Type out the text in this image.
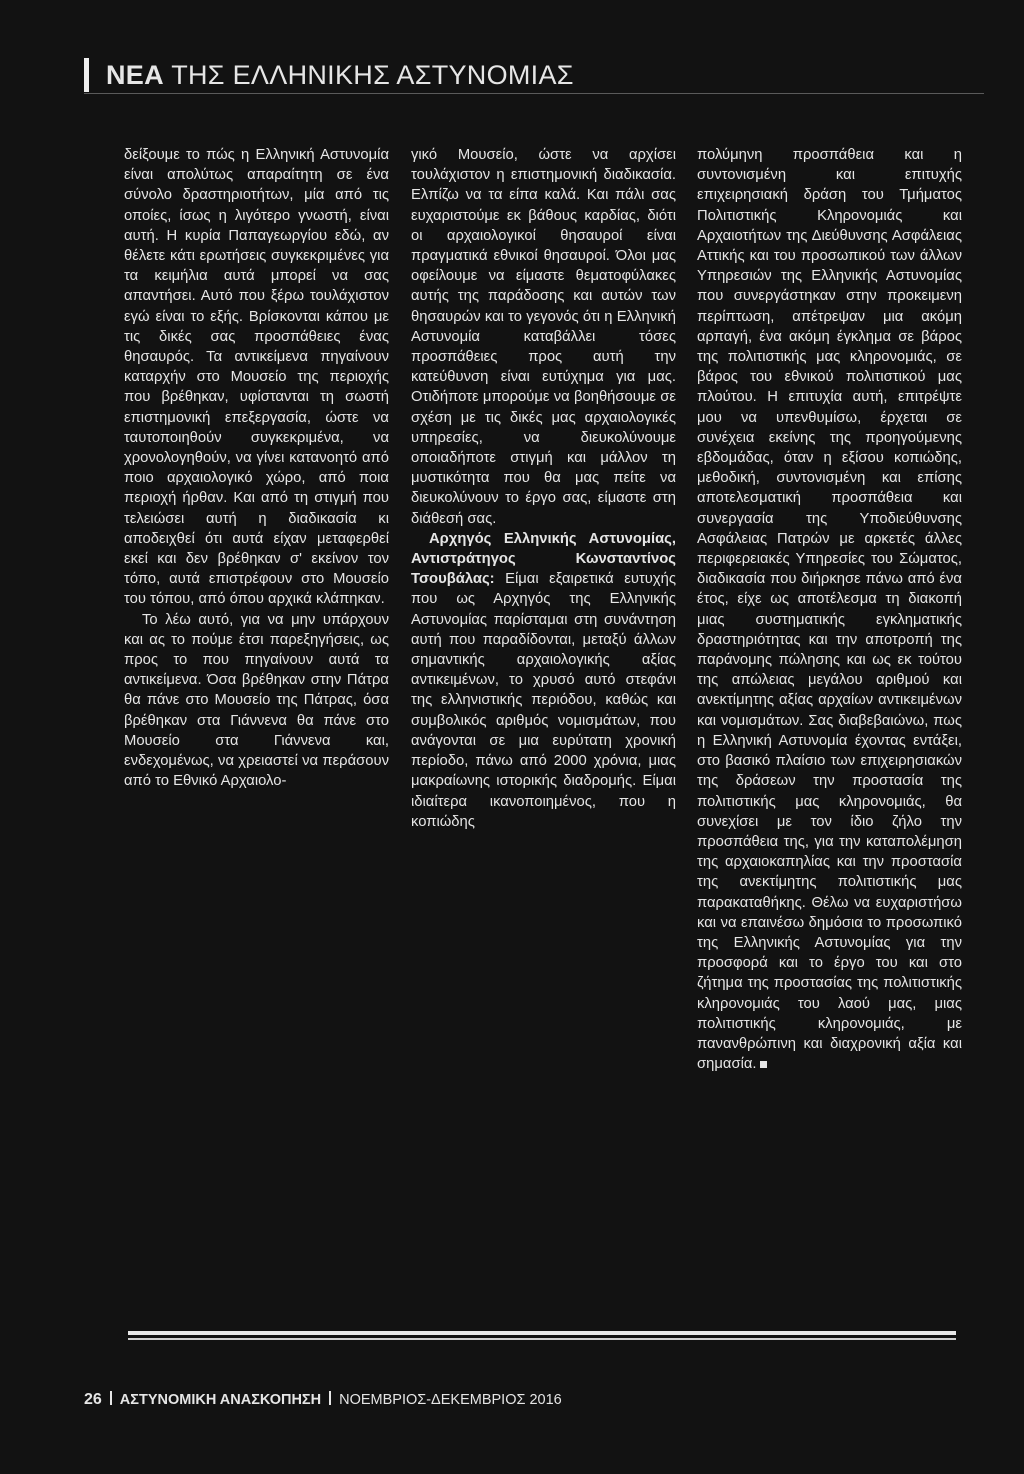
ΝΕΑ ΤΗΣ ΕΛΛΗΝΙΚΗΣ ΑΣΤΥΝΟΜΙΑΣ

δείξουμε το πώς η Ελληνική Αστυνομία είναι απολύτως απαραίτητη σε ένα σύνολο δραστηριοτήτων, μία από τις οποίες, ίσως η λιγότερο γνωστή, είναι αυτή. Η κυρία Παπαγεωργίου εδώ, αν θέλετε κάτι ερωτήσεις συγκεκριμένες για τα κειμήλια αυτά μπορεί να σας απαντήσει. Αυτό που ξέρω τουλάχιστον εγώ είναι το εξής. Βρίσκονται κάπου με τις δικές σας προσπάθειες ένας θησαυρός. Τα αντικείμενα πηγαίνουν καταρχήν στο Μουσείο της περιοχής που βρέθηκαν, υφίστανται τη σωστή επιστημονική επεξεργασία, ώστε να ταυτοποιηθούν συγκεκριμένα, να χρονολογηθούν, να γίνει κατανοητό από ποιο αρχαιολογικό χώρο, από ποια περιοχή ήρθαν. Και από τη στιγμή που τελειώσει αυτή η διαδικασία κι αποδειχθεί ότι αυτά είχαν μεταφερθεί εκεί και δεν βρέθηκαν σ' εκείνον τον τόπο, αυτά επιστρέφουν στο Μουσείο του τόπου, από όπου αρχικά κλάπηκαν.

Το λέω αυτό, για να μην υπάρχουν και ας το πούμε έτσι παρεξηγήσεις, ως προς το που πηγαίνουν αυτά τα αντικείμενα. Όσα βρέθηκαν στην Πάτρα θα πάνε στο Μουσείο της Πάτρας, όσα βρέθηκαν στα Γιάννενα θα πάνε στο Μουσείο στα Γιάννενα και, ενδεχομένως, να χρειαστεί να περάσουν από το Εθνικό Αρχαιολο-

γικό Μουσείο, ώστε να αρχίσει τουλάχιστον η επιστημονική διαδικασία. Ελπίζω να τα είπα καλά. Και πάλι σας ευχαριστούμε εκ βάθους καρδίας, διότι οι αρχαιολογικοί θησαυροί είναι πραγματικά εθνικοί θησαυροί. Όλοι μας οφείλουμε να είμαστε θεματοφύλακες αυτής της παράδοσης και αυτών των θησαυρών και το γεγονός ότι η Ελληνική Αστυνομία καταβάλλει τόσες προσπάθειες προς αυτή την κατεύθυνση είναι ευτύχημα για μας. Οτιδήποτε μπορούμε να βοηθήσουμε σε σχέση με τις δικές μας αρχαιολογικές υπηρεσίες, να διευκολύνουμε οποιαδήποτε στιγμή και μάλλον τη μυστικότητα που θα μας πείτε να διευκολύνουν το έργο σας, είμαστε στη διάθεσή σας.

Αρχηγός Ελληνικής Αστυνομίας, Αντιστράτηγος Κωνσταντίνος Τσουβάλας: Είμαι εξαιρετικά ευτυχής που ως Αρχηγός της Ελληνικής Αστυνομίας παρίσταμαι στη συνάντηση αυτή που παραδίδονται, μεταξύ άλλων σημαντικής αρχαιολογικής αξίας αντικειμένων, το χρυσό αυτό στεφάνι της ελληνιστικής περιόδου, καθώς και συμβολικός αριθμός νομισμάτων, που ανάγονται σε μια ευρύτατη χρονική περίοδο, πάνω από 2000 χρόνια, μιας μακραίωνης ιστορικής διαδρομής. Είμαι ιδιαίτερα ικανοποιημένος, που η κοπιώδης

πολύμηνη προσπάθεια και η συντονισμένη και επιτυχής επιχειρησιακή δράση του Τμήματος Πολιτιστικής Κληρονομιάς και Αρχαιοτήτων της Διεύθυνσης Ασφάλειας Αττικής και του προσωπικού των άλλων Υπηρεσιών της Ελληνικής Αστυνομίας που συνεργάστηκαν στην προκειμενη περίπτωση, απέτρεψαν μια ακόμη αρπαγή, ένα ακόμη έγκλημα σε βάρος της πολιτιστικής μας κληρονομιάς, σε βάρος του εθνικού πολιτιστικού μας πλούτου. Η επιτυχία αυτή, επιτρέψτε μου να υπενθυμίσω, έρχεται σε συνέχεια εκείνης της προηγούμενης εβδομάδας, όταν η εξίσου κοπιώδης, μεθοδική, συντονισμένη και επίσης αποτελεσματική προσπάθεια και συνεργασία της Υποδιεύθυνσης Ασφάλειας Πατρών με αρκετές άλλες περιφερειακές Υπηρεσίες του Σώματος, διαδικασία που διήρκησε πάνω από ένα έτος, είχε ως αποτέλεσμα τη διακοπή μιας συστηματικής εγκληματικής δραστηριότητας και την αποτροπή της παράνομης πώλησης και ως εκ τούτου της απώλειας μεγάλου αριθμού και ανεκτίμητης αξίας αρχαίων αντικειμένων και νομισμάτων. Σας διαβεβαιώνω, πως η Ελληνική Αστυνομία έχοντας εντάξει, στο βασικό πλαίσιο των επιχειρησιακών της δράσεων την προστασία της πολιτιστικής μας κληρονομιάς, θα συνεχίσει με τον ίδιο ζήλο την προσπάθεια της, για την καταπολέμηση της αρχαιοκαπηλίας και την προστασία της ανεκτίμητης πολιτιστικής μας παρακαταθήκης. Θέλω να ευχαριστήσω και να επαινέσω δημόσια το προσωπικό της Ελληνικής Αστυνομίας για την προσφορά και το έργο του και στο ζήτημα της προστασίας της πολιτιστικής κληρονομιάς του λαού μας, μιας πολιτιστικής κληρονομιάς, με πανανθρώπινη και διαχρονική αξία και σημασία.

26 ΑΣΤΥΝΟΜΙΚΗ ΑΝΑΣΚΟΠΗΣΗ ΝΟΕΜΒΡΙΟΣ-ΔΕΚΕΜΒΡΙΟΣ 2016
